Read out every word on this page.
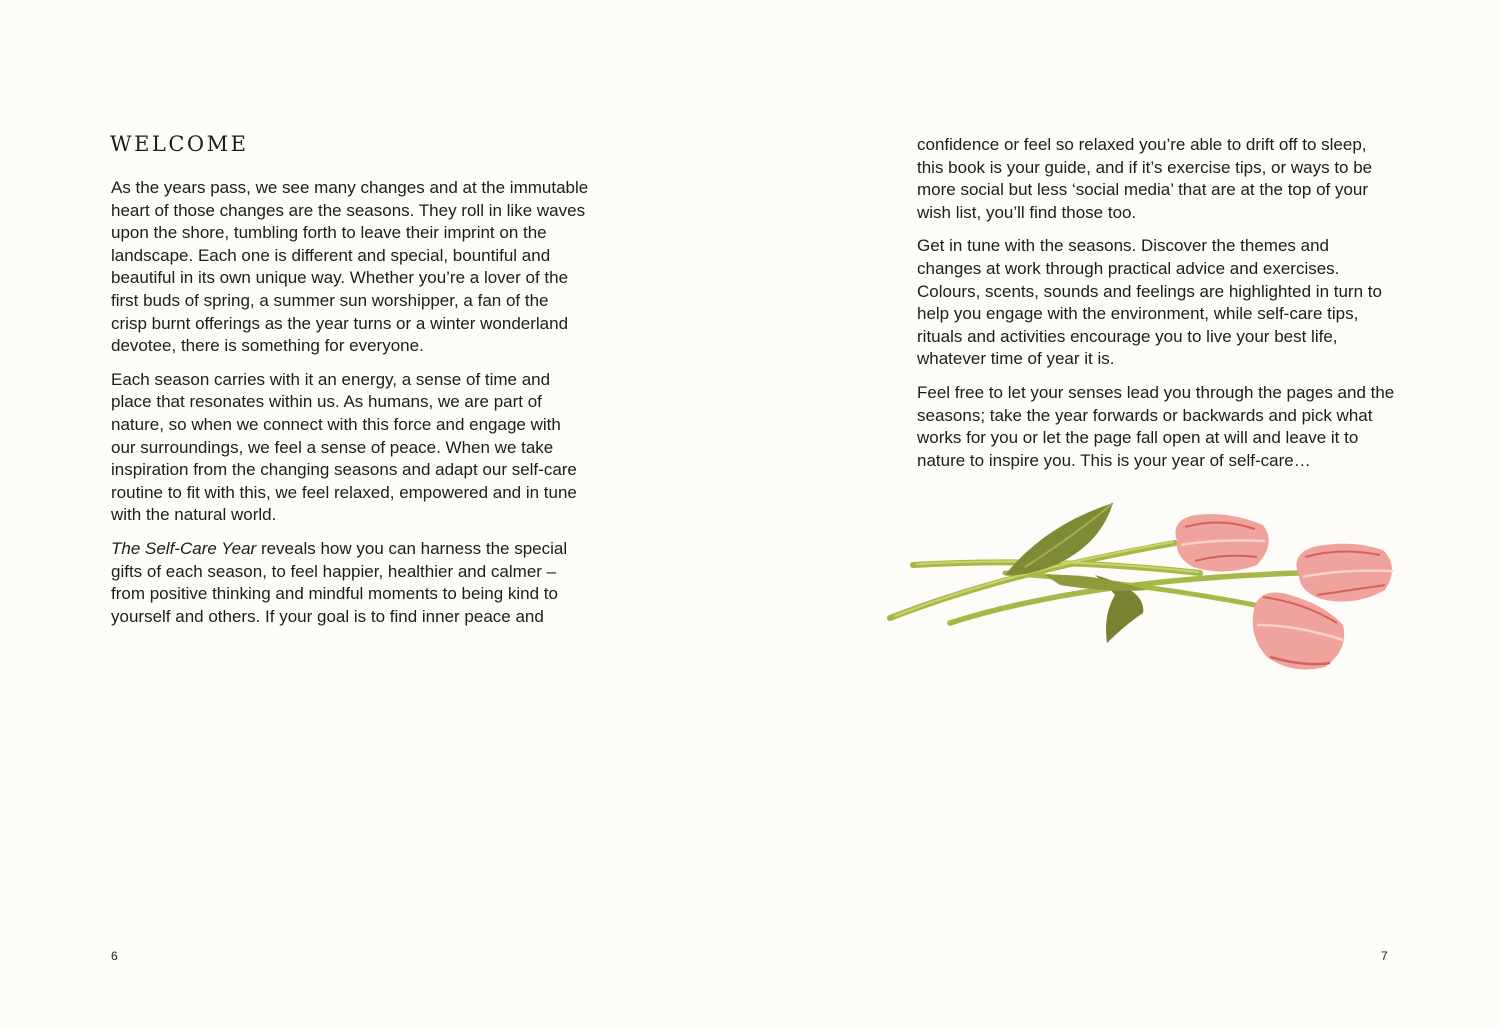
WELCOME

As the years pass, we see many changes and at the immutable heart of those changes are the seasons. They roll in like waves upon the shore, tumbling forth to leave their imprint on the landscape. Each one is different and special, bountiful and beautiful in its own unique way. Whether you’re a lover of the first buds of spring, a summer sun worshipper, a fan of the crisp burnt offerings as the year turns or a winter wonderland devotee, there is something for everyone.

Each season carries with it an energy, a sense of time and place that resonates within us. As humans, we are part of nature, so when we connect with this force and engage with our surroundings, we feel a sense of peace. When we take inspiration from the changing seasons and adapt our self-care routine to fit with this, we feel relaxed, empowered and in tune with the natural world.

The Self-Care Year reveals how you can harness the special gifts of each season, to feel happier, healthier and calmer – from positive thinking and mindful moments to being kind to yourself and others. If your goal is to find inner peace and

6

confidence or feel so relaxed you’re able to drift off to sleep, this book is your guide, and if it’s exercise tips, or ways to be more social but less ‘social media’ that are at the top of your wish list, you’ll find those too.

Get in tune with the seasons. Discover the themes and changes at work through practical advice and exercises. Colours, scents, sounds and feelings are highlighted in turn to help you engage with the environment, while self-care tips, rituals and activities encourage you to live your best life, whatever time of year it is.

Feel free to let your senses lead you through the pages and the seasons; take the year forwards or backwards and pick what works for you or let the page fall open at will and leave it to nature to inspire you. This is your year of self-care…

7
